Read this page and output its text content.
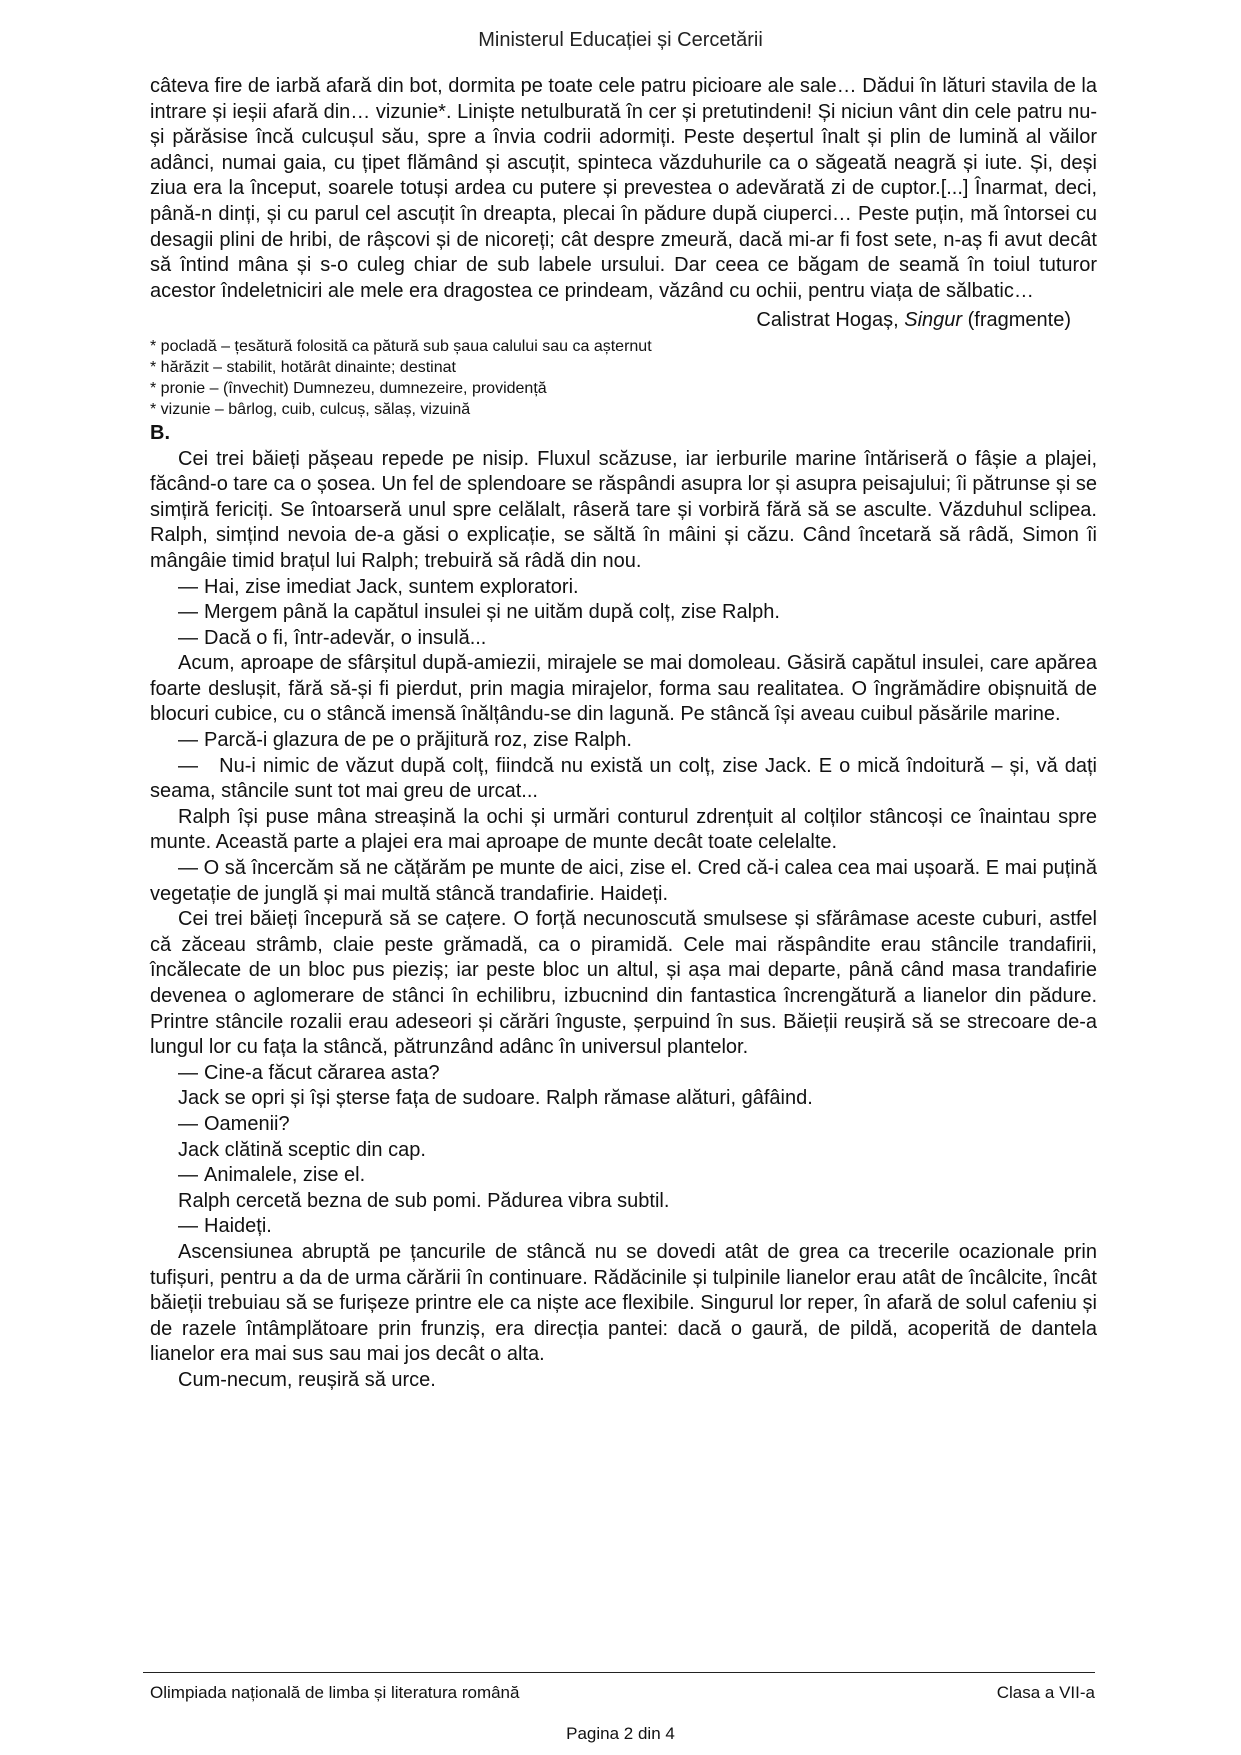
Ministerul Educației și Cercetării

câteva fire de iarbă afară din bot, dormita pe toate cele patru picioare ale sale… Dădui în lături stavila de la intrare și ieșii afară din… vizunie*. Liniște netulburată în cer și pretutindeni! Și niciun vânt din cele patru nu-și părăsise încă culcușul său, spre a învia codrii adormiți. Peste deșertul înalt și plin de lumină al văilor adânci, numai gaia, cu țipet flămând și ascuțit, spinteca văzduhurile ca o săgeată neagră și iute. Și, deși ziua era la început, soarele totuși ardea cu putere și prevestea o adevărată zi de cuptor.[...] Înarmat, deci, până-n dinți, și cu parul cel ascuțit în dreapta, plecai în pădure după ciuperci… Peste puțin, mă întorsei cu desagii plini de hribi, de râșcovi și de nicoreți; cât despre zmeură, dacă mi-ar fi fost sete, n-aș fi avut decât să întind mâna și s-o culeg chiar de sub labele ursului. Dar ceea ce băgam de seamă în toiul tuturor acestor îndeletniciri ale mele era dragostea ce prindeam, văzând cu ochii, pentru viața de sălbatic…

Calistrat Hogaș, Singur (fragmente)
* pocladă – țesătură folosită ca pătură sub șaua calului sau ca așternut
* hărăzit – stabilit, hotărât dinainte; destinat
* pronie – (învechit) Dumnezeu, dumnezeire, providență
* vizunie – bârlog, cuib, culcuș, sălaș, vizuină
B.

Cei trei băieți pășeau repede pe nisip. Fluxul scăzuse, iar ierburile marine întăriseră o fâșie a plajei, făcând-o tare ca o șosea. Un fel de splendoare se răspândi asupra lor și asupra peisajului; îi pătrunse și se simțiră fericiți. Se întoarseră unul spre celălalt, râseră tare și vorbiră fără să se asculte. Văzduhul sclipea. Ralph, simțind nevoia de-a găsi o explicație, se săltă în mâini și căzu. Când încetară să râdă, Simon îi mângâie timid brațul lui Ralph; trebuiră să râdă din nou.

— Hai, zise imediat Jack, suntem exploratori.
— Mergem până la capătul insulei și ne uităm după colț, zise Ralph.
— Dacă o fi, într-adevăr, o insulă...

Acum, aproape de sfârșitul după-amiezii, mirajele se mai domoleau. Găsiră capătul insulei, care apărea foarte deslușit, fără să-și fi pierdut, prin magia mirajelor, forma sau realitatea. O îngrămădire obișnuită de blocuri cubice, cu o stâncă imensă înălțându-se din lagună. Pe stâncă își aveau cuibul păsările marine.

— Parcă-i glazura de pe o prăjitură roz, zise Ralph.

— Nu-i nimic de văzut după colț, fiindcă nu există un colț, zise Jack. E o mică îndoitură – și, vă dați seama, stâncile sunt tot mai greu de urcat...

Ralph își puse mâna streașină la ochi și urmări conturul zdrențuit al colților stâncoși ce înaintau spre munte. Această parte a plajei era mai aproape de munte decât toate celelalte.

— O să încercăm să ne cățărăm pe munte de aici, zise el. Cred că-i calea cea mai ușoară. E mai puțină vegetație de junglă și mai multă stâncă trandafirie. Haideți.

Cei trei băieți începură să se cațere. O forță necunoscută smulsese și sfărâmase aceste cuburi, astfel că zăceau strâmb, claie peste grămadă, ca o piramidă. Cele mai răspândite erau stâncile trandafirii, încălecate de un bloc pus pieziș; iar peste bloc un altul, și așa mai departe, până când masa trandafirie devenea o aglomerare de stânci în echilibru, izbucnind din fantastica încrengătură a lianelor din pădure. Printre stâncile rozalii erau adeseori și cărări înguste, șerpuind în sus. Băieții reușiră să se strecoare de-a lungul lor cu fața la stâncă, pătrunzând adânc în universul plantelor.

— Cine-a făcut cărarea asta?

Jack se opri și își șterse fața de sudoare. Ralph rămase alături, gâfâind.

— Oamenii?

Jack clătină sceptic din cap.

— Animalele, zise el.

Ralph cercetă bezna de sub pomi. Pădurea vibra subtil.

— Haideți.

Ascensiunea abruptă pe țancurile de stâncă nu se dovedi atât de grea ca trecerile ocazionale prin tufișuri, pentru a da de urma cărării în continuare. Rădăcinile și tulpinile lianelor erau atât de încâlcite, încât băieții trebuiau să se furișeze printre ele ca niște ace flexibile. Singurul lor reper, în afară de solul cafeniu și de razele întâmplătoare prin frunziș, era direcția pantei: dacă o gaură, de pildă, acoperită de dantela lianelor era mai sus sau mai jos decât o alta.

Cum-necum, reușiră să urce.

Olimpiada națională de limba și literatura română	Clasa a VII-a
Pagina 2 din 4
